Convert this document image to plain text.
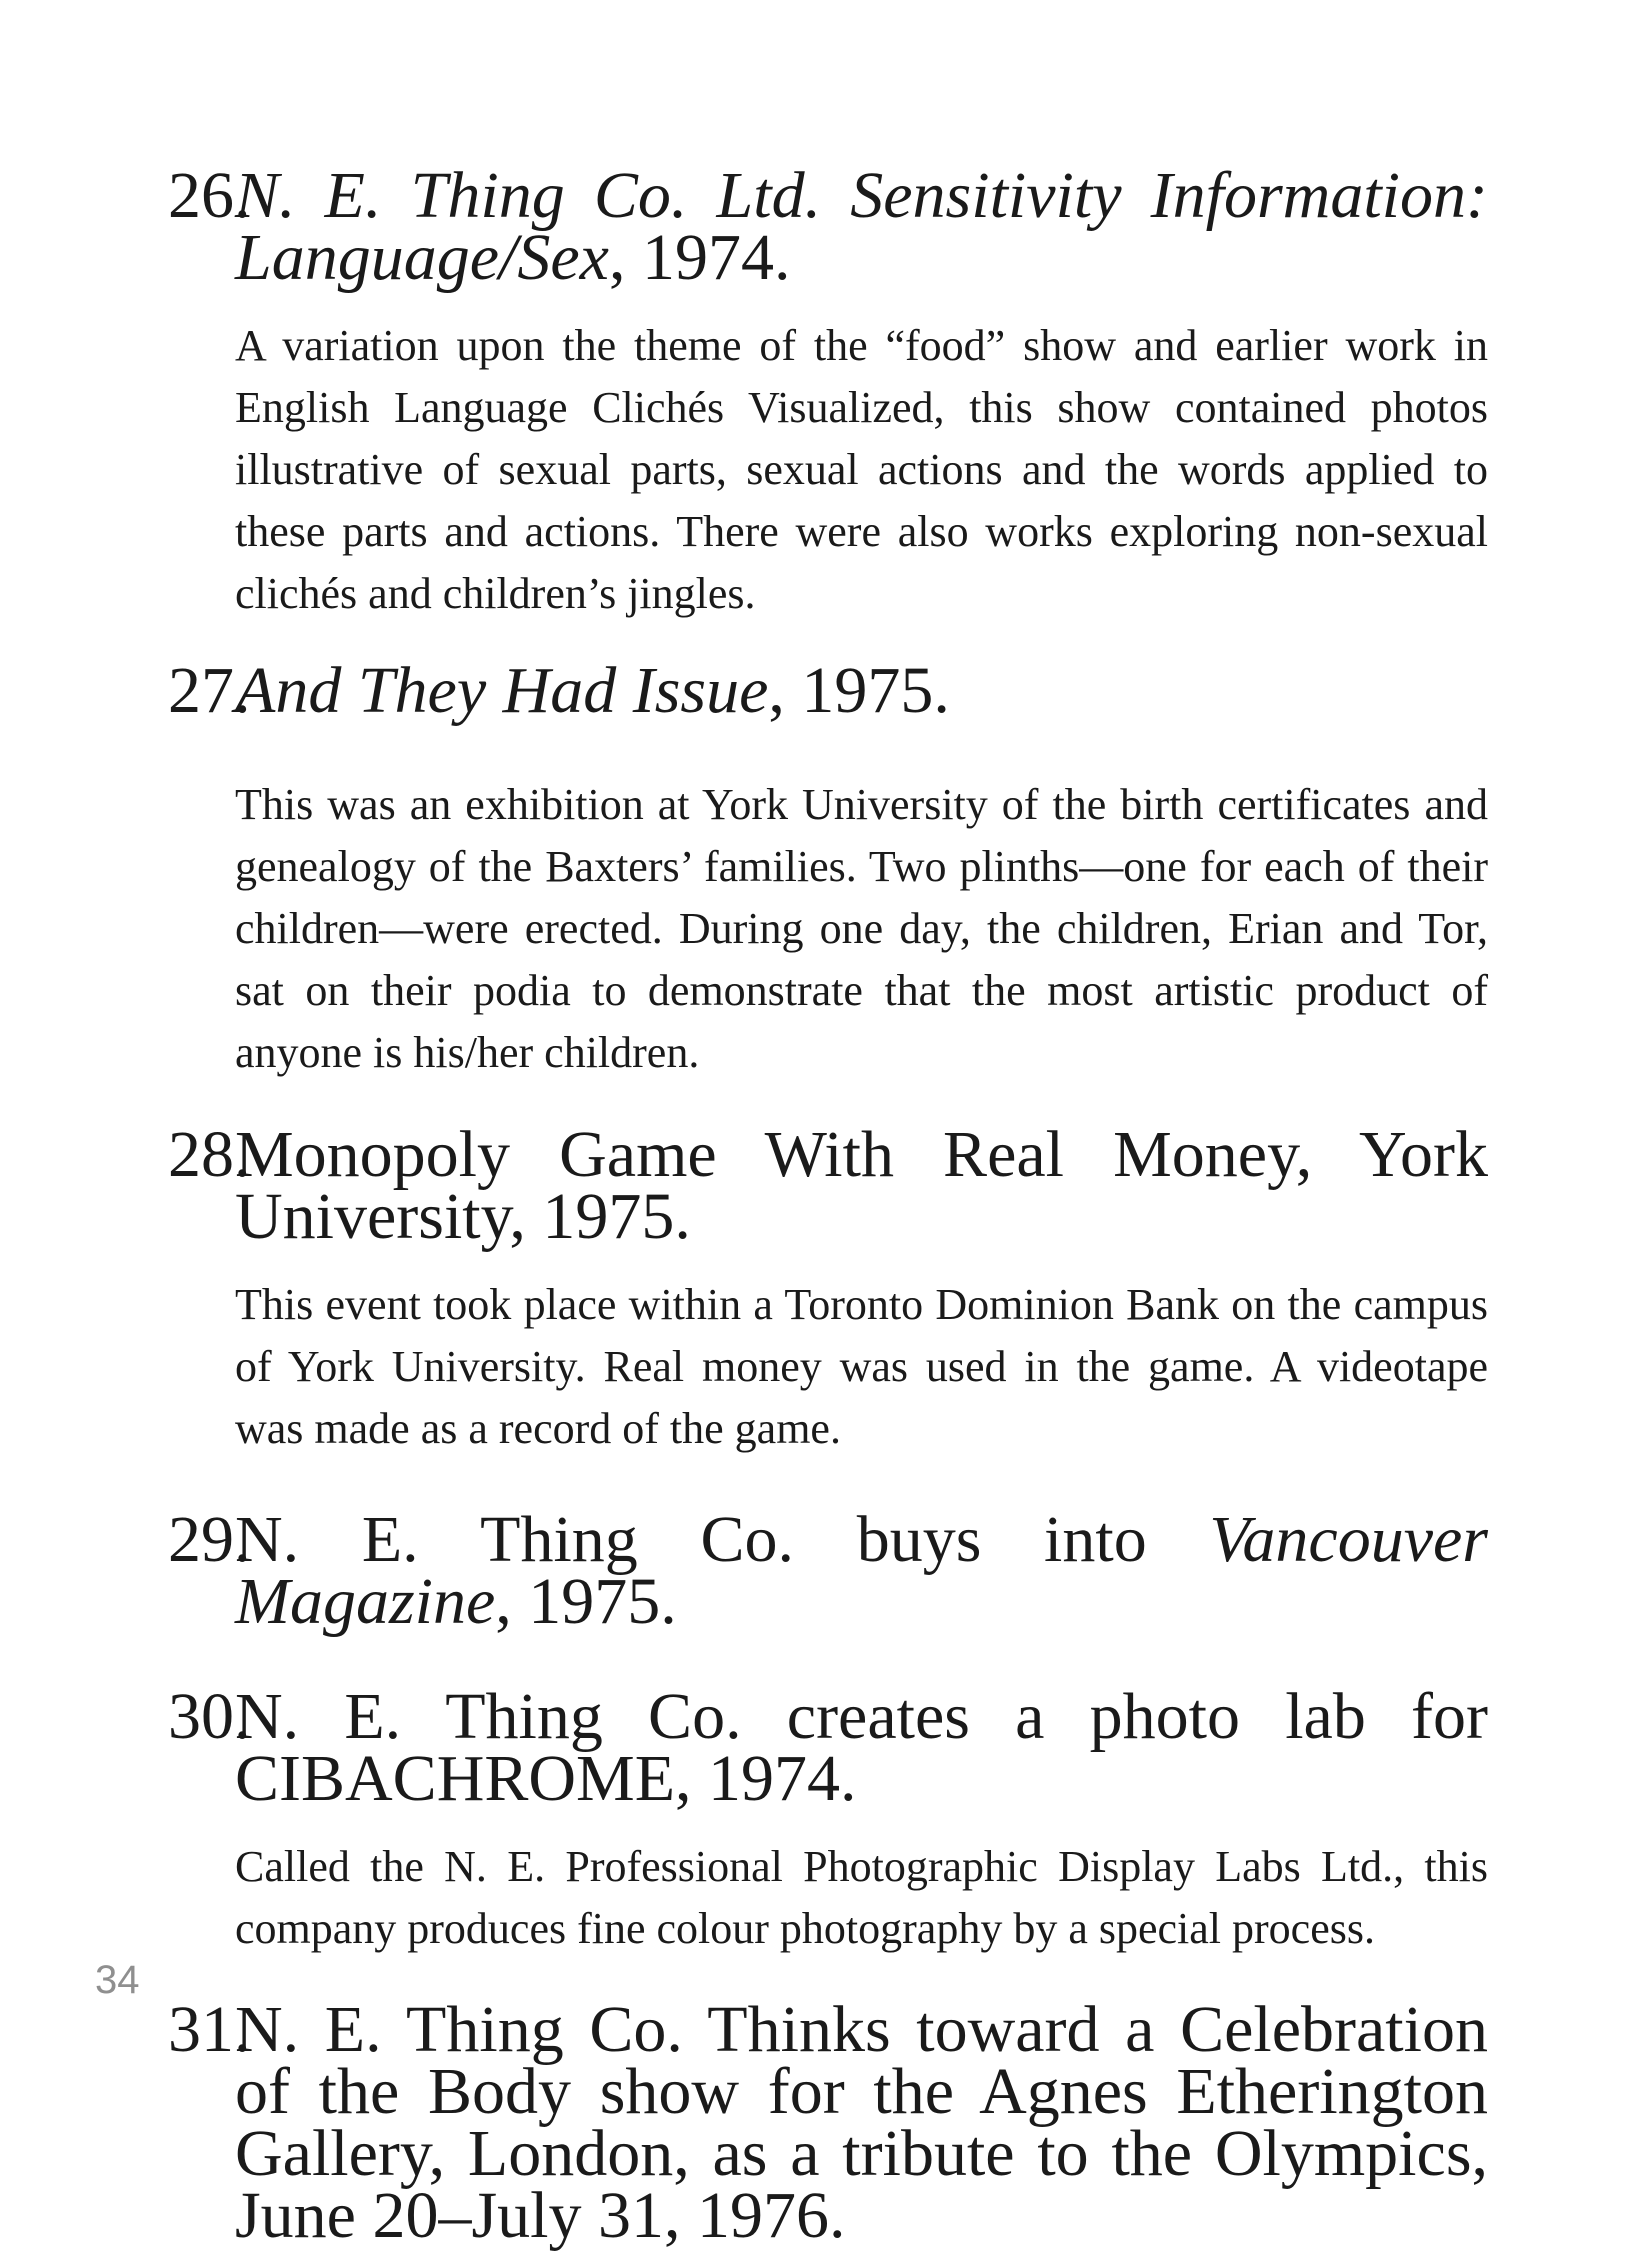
26.N. E. Thing Co. Ltd. Sensitivity Information: Language/Sex, 1974.

A variation upon the theme of the “food” show and earlier work in English Language Clichés Visualized, this show contained photos illustrative of sexual parts, sexual actions and the words applied to these parts and actions. There were also works exploring non-sexual clichés and children’s jingles.

27.And They Had Issue, 1975.

This was an exhibition at York University of the birth certificates and genealogy of the Baxters’ families. Two plinths—one for each of their children—were erected. During one day, the children, Erian and Tor, sat on their podia to demonstrate that the most artistic product of anyone is his/her children.

28.Monopoly Game With Real Money, York University, 1975.

This event took place within a Toronto Dominion Bank on the campus of York University. Real money was used in the game. A videotape was made as a record of the game.

29.N. E. Thing Co. buys into Vancouver Magazine, 1975.
30.N. E. Thing Co. creates a photo lab for CIBACHROME, 1974.

Called the N. E. Professional Photographic Display Labs Ltd., this company produces fine colour photography by a special process.

31.N. E. Thing Co. Thinks toward a Celebration of the Body show for the Agnes Etherington Gallery, London, as a tribute to the Olympics, June 20–July 31, 1976.
34
